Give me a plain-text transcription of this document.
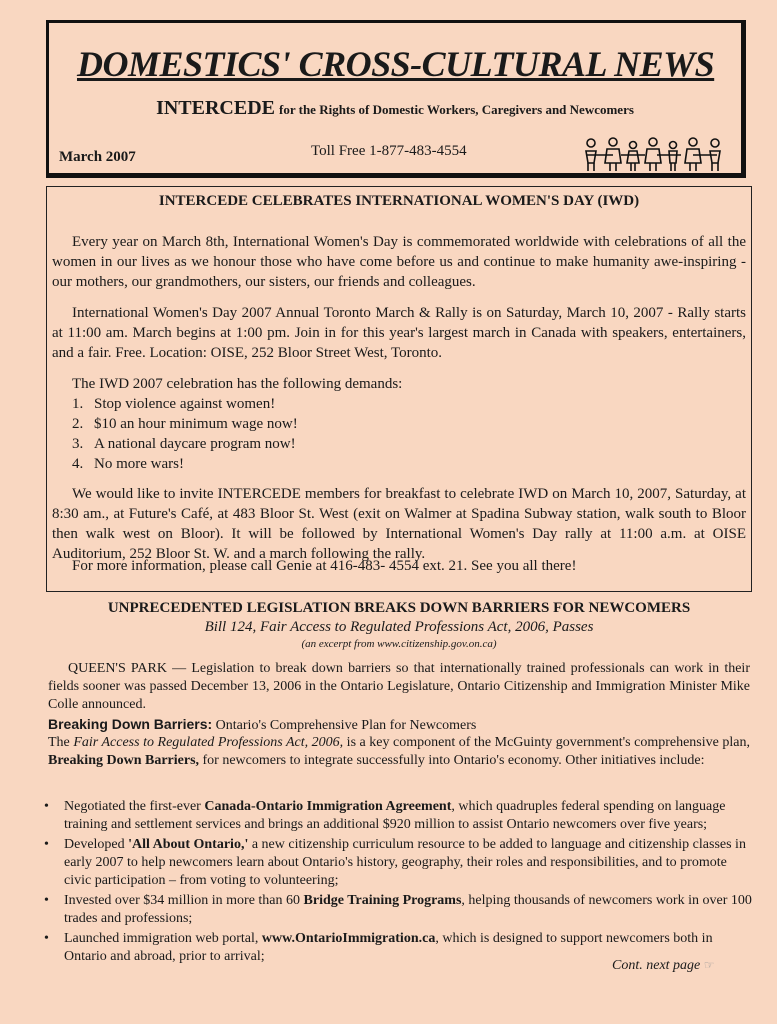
DOMESTICS' CROSS-CULTURAL NEWS
INTERCEDE for the Rights of Domestic Workers, Caregivers and Newcomers
March 2007	Toll Free 1-877-483-4554
INTERCEDE CELEBRATES INTERNATIONAL WOMEN'S DAY (IWD)
Every year on March 8th, International Women's Day is commemorated worldwide with celebrations of all the women in our lives as we honour those who have come before us and continue to make humanity awe-inspiring - our mothers, our grandmothers, our sisters, our friends and colleagues.
International Women's Day 2007 Annual Toronto March & Rally is on Saturday, March 10, 2007 - Rally starts at 11:00 am. March begins at 1:00 pm. Join in for this year's largest march in Canada with speakers, entertainers, and a fair. Free. Location: OISE, 252 Bloor Street West, Toronto.
The IWD 2007 celebration has the following demands:
1. Stop violence against women!
2. $10 an hour minimum wage now!
3. A national daycare program now!
4. No more wars!
We would like to invite INTERCEDE members for breakfast to celebrate IWD on March 10, 2007, Saturday, at 8:30 am., at Future's Café, at 483 Bloor St. West (exit on Walmer at Spadina Subway station, walk south to Bloor then walk west on Bloor). It will be followed by International Women's Day rally at 11:00 a.m. at OISE Auditorium, 252 Bloor St. W. and a march following the rally.
For more information, please call Genie at 416-483- 4554 ext. 21. See you all there!
UNPRECEDENTED LEGISLATION BREAKS DOWN BARRIERS FOR NEWCOMERS
Bill 124, Fair Access to Regulated Professions Act, 2006, Passes
(an excerpt from www.citizenship.gov.on.ca)
QUEEN'S PARK — Legislation to break down barriers so that internationally trained professionals can work in their fields sooner was passed December 13, 2006 in the Ontario Legislature, Ontario Citizenship and Immigration Minister Mike Colle announced.
Breaking Down Barriers: Ontario's Comprehensive Plan for Newcomers
The Fair Access to Regulated Professions Act, 2006, is a key component of the McGuinty government's comprehensive plan, Breaking Down Barriers, for newcomers to integrate successfully into Ontario's economy. Other initiatives include:
• Negotiated the first-ever Canada-Ontario Immigration Agreement, which quadruples federal spending on language training and settlement services and brings an additional $920 million to assist Ontario newcomers over five years;
• Developed 'All About Ontario,' a new citizenship curriculum resource to be added to language and citizenship classes in early 2007 to help newcomers learn about Ontario's history, geography, their roles and responsibilities, and to promote civic participation – from voting to volunteering;
• Invested over $34 million in more than 60 Bridge Training Programs, helping thousands of newcomers work in over 100 trades and professions;
• Launched immigration web portal, www.OntarioImmigration.ca, which is designed to support newcomers both in Ontario and abroad, prior to arrival;
Cont. next page ☞
